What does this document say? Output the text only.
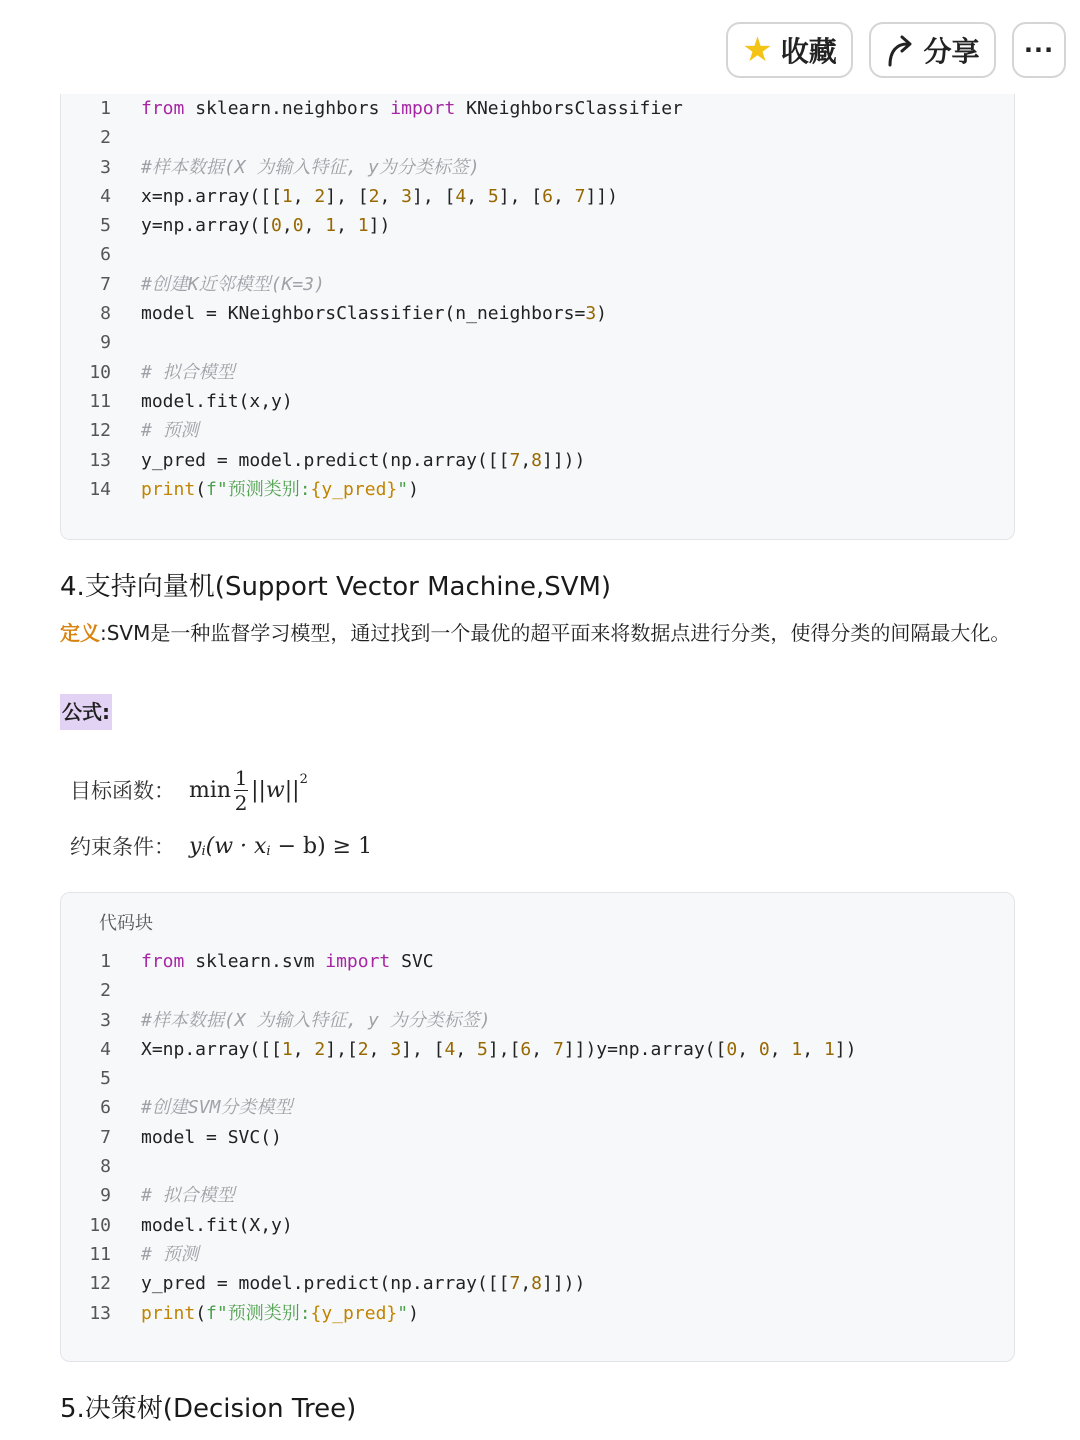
★ 收藏	分享 ···
1 from sklearn.neighbors import KNeighborsClassifier
2
3 #样本数据(X 为输入特征, y为分类标签)
4 x=np.array([[1, 2], [2, 3], [4, 5], [6, 7]])
5 y=np.array([0,0, 1, 1])
6
7 #创建K近邻模型(K=3)
8 model = KNeighborsClassifier(n_neighbors=3)
9
10 # 拟合模型
11 model.fit(x,y)
12 # 预测
13 y_pred = model.predict(np.array([[7,8]]))
14 print(f"预测类别:{y_pred}")
4.支持向量机(Support Vector Machine,SVM)
定义:SVM是一种监督学习模型，通过找到一个最优的超平面来将数据点进行分类，使得分类的间隔最大化。
公式:
目标函数： $\min \frac{1}{2} ||w||^2$
约束条件： $y_i$ $(w \cdot x_i - b) \ge 1$
代码块
1 from sklearn.svm import SVC
2
3 #样本数据(X 为输入特征, y 为分类标签)
4 X=np.array([[1, 2],[2, 3], [4, 5],[6, 7]])y=np.array([0, 0, 1, 1])
5
6 #创建SVM分类模型
7 model = SVC()
8
9 # 拟合模型
10 model.fit(X,y)
11 # 预测
12 y_pred = model.predict(np.array([[7,8]]))
13 print(f"预测类别:{y_pred}")
5.决策树(Decision Tree)
